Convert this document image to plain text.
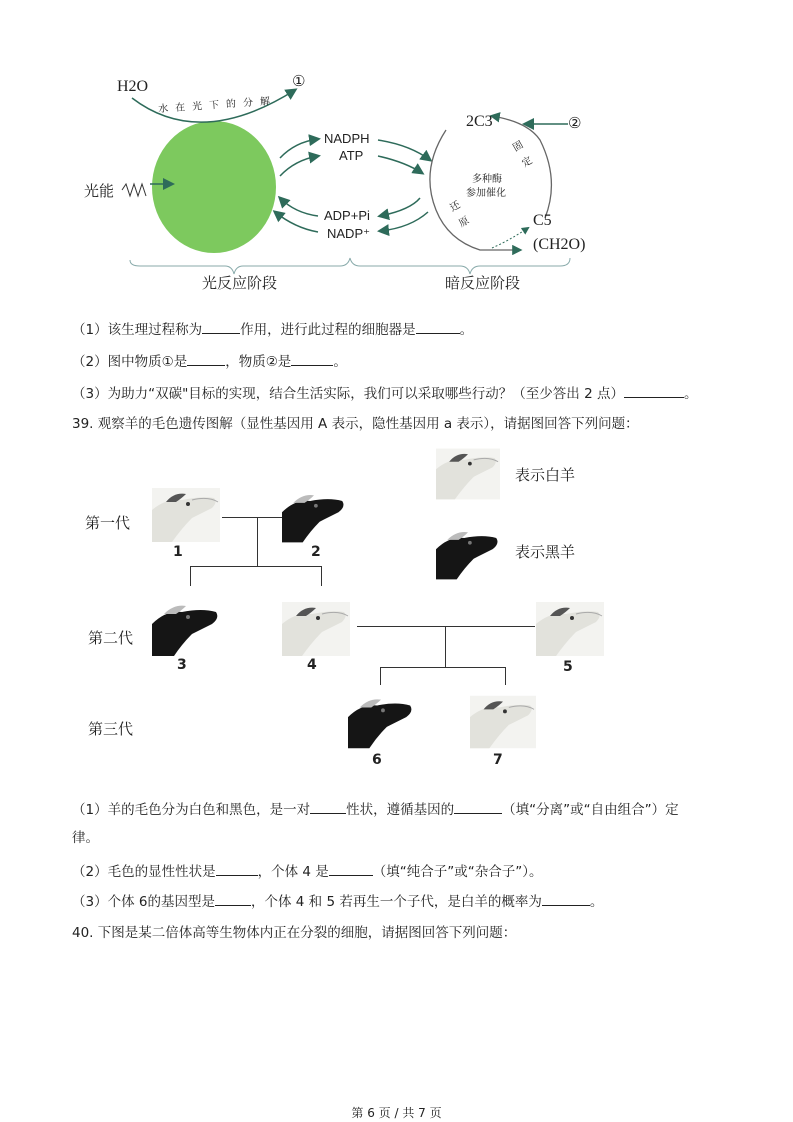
H2O	①
水在光下的分解
光能
NADPH
ATP
ADP+Pi
NADP⁺
2C3	②
C5
(CH2O)
多种酶
参加催化
固定
还原
光反应阶段	暗反应阶段
（1）该生理过程称为	作用，进行此过程的细胞器是	。
（2）图中物质①是	，物质②是	。
（3）为助力“双碳"目标的实现，结合生活实际，我们可以采取哪些行动？（至少答出 2 点）	。
39. 观察羊的毛色遗传图解（显性基因用 A 表示，隐性基因用 a 表示），请据图回答下列问题：
表示白羊
表示黑羊
第一代
第二代
第三代
1	2
3	4	5
6	7
（1）羊的毛色分为白色和黑色，是一对	性状，遵循基因的	（填“分离”或“自由组合”）定
律。
（2）毛色的显性性状是	，个体 4 是	（填“纯合子”或“杂合子”）。
（3）个体 6的基因型是	，个体 4 和 5 若再生一个子代，是白羊的概率为	。
40. 下图是某二倍体高等生物体内正在分裂的细胞，请据图回答下列问题：
第 6 页 / 共 7 页
